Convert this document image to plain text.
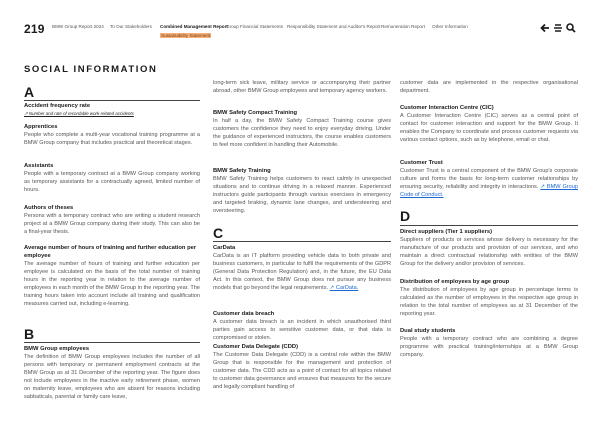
219 BMW Group Report 2024 To Our Stakeholders Combined Management Report
Group Financial Statements Responsibility Statement and Auditor's Report Remuneration Report Other Information
Sustainability Statement
SOCIAL INFORMATION
A
Accident frequency rate
↗ Number and rate of recordable work-related accidents
Apprentices
People who complete a multi-year vocational training programme at a BMW Group company that includes practical and theoretical stages.
Assistants
People with a temporary contract at a BMW Group company working as temporary assistants for a contractually agreed, limited number of hours.
Authors of theses
Persons with a temporary contract who are writing a student research project at a BMW Group company during their study. This can also be a final-year thesis.
Average number of hours of training and further education per employee
The average number of hours of training and further education per employee is calculated on the basis of the total number of training hours in the reporting year in relation to the average number of employees in each month of the BMW Group in the reporting year. The training hours taken into account include all training and qualification measures carried out, including e-learning.
B
BMW Group employees
The definition of BMW Group employees includes the number of all persons with temporary or permanent employment contracts at the BMW Group as at 31 December of the reporting year. The figure does not include employees in the inactive early retirement phase, women on maternity leave, employees who are absent for reasons including sabbaticals, parental or family care leave,
long-term sick leave, military service or accompanying their partner abroad, other BMW Group employees and temporary agency workers.
BMW Safety Compact Training
In half a day, the BMW Safety Compact Training course gives customers the confidence they need to enjoy everyday driving. Under the guidance of experienced instructors, the course enables customers to feel more confident in handling their Automobile.
BMW Safety Training
BMW Safety Training helps customers to react calmly in unexpected situations and to continue driving in a relaxed manner. Experienced instructors guide participants through various exercises in emergency and targeted braking, dynamic lane changes, and understeering and oversteering.
C
CarData
CarData is an IT platform providing vehicle data to both private and business customers, in particular to fulfil the requirements of the GDPR (General Data Protection Regulation) and, in the future, the EU Data Act. In this context, the BMW Group does not pursue any business models that go beyond the legal requirements. ↗ CarData.
Customer data breach
A customer data breach is an incident in which unauthorised third parties gain access to sensitive customer data, or that data is compromised or stolen.
Customer Data Delegate (CDD)
The Customer Data Delegate (CDD) is a central role within the BMW Group that is responsible for the management and protection of customer data. The CDD acts as a point of contact for all topics related to customer data governance and ensures that measures for the secure and legally compliant handling of
customer data are implemented in the respective organisational department.
Customer Interaction Centre (CIC)
A Customer Interaction Centre (CIC) serves as a central point of contact for customer interaction and support for the BMW Group. It enables the Company to coordinate and process customer requests via various contact options, such as by telephone, email or chat.
Customer Trust
Customer Trust is a central component of the BMW Group's corporate culture and forms the basis for long-term customer relationships by ensuring security, reliability and integrity in interactions. ↗ BMW Group Code of Conduct.
D
Direct suppliers (Tier 1 suppliers)
Suppliers of products or services whose delivery is necessary for the manufacture of our products and provision of our services, and who maintain a direct contractual relationship with entities of the BMW Group for the delivery and/or provision of services.
Distribution of employees by age group
The distribution of employees by age group in percentage terms is calculated as the number of employees in the respective age group in relation to the total number of employees as at 31 December of the reporting year.
Dual study students
People with a temporary contract who are combining a degree programme with practical training/internships at a BMW Group company.
